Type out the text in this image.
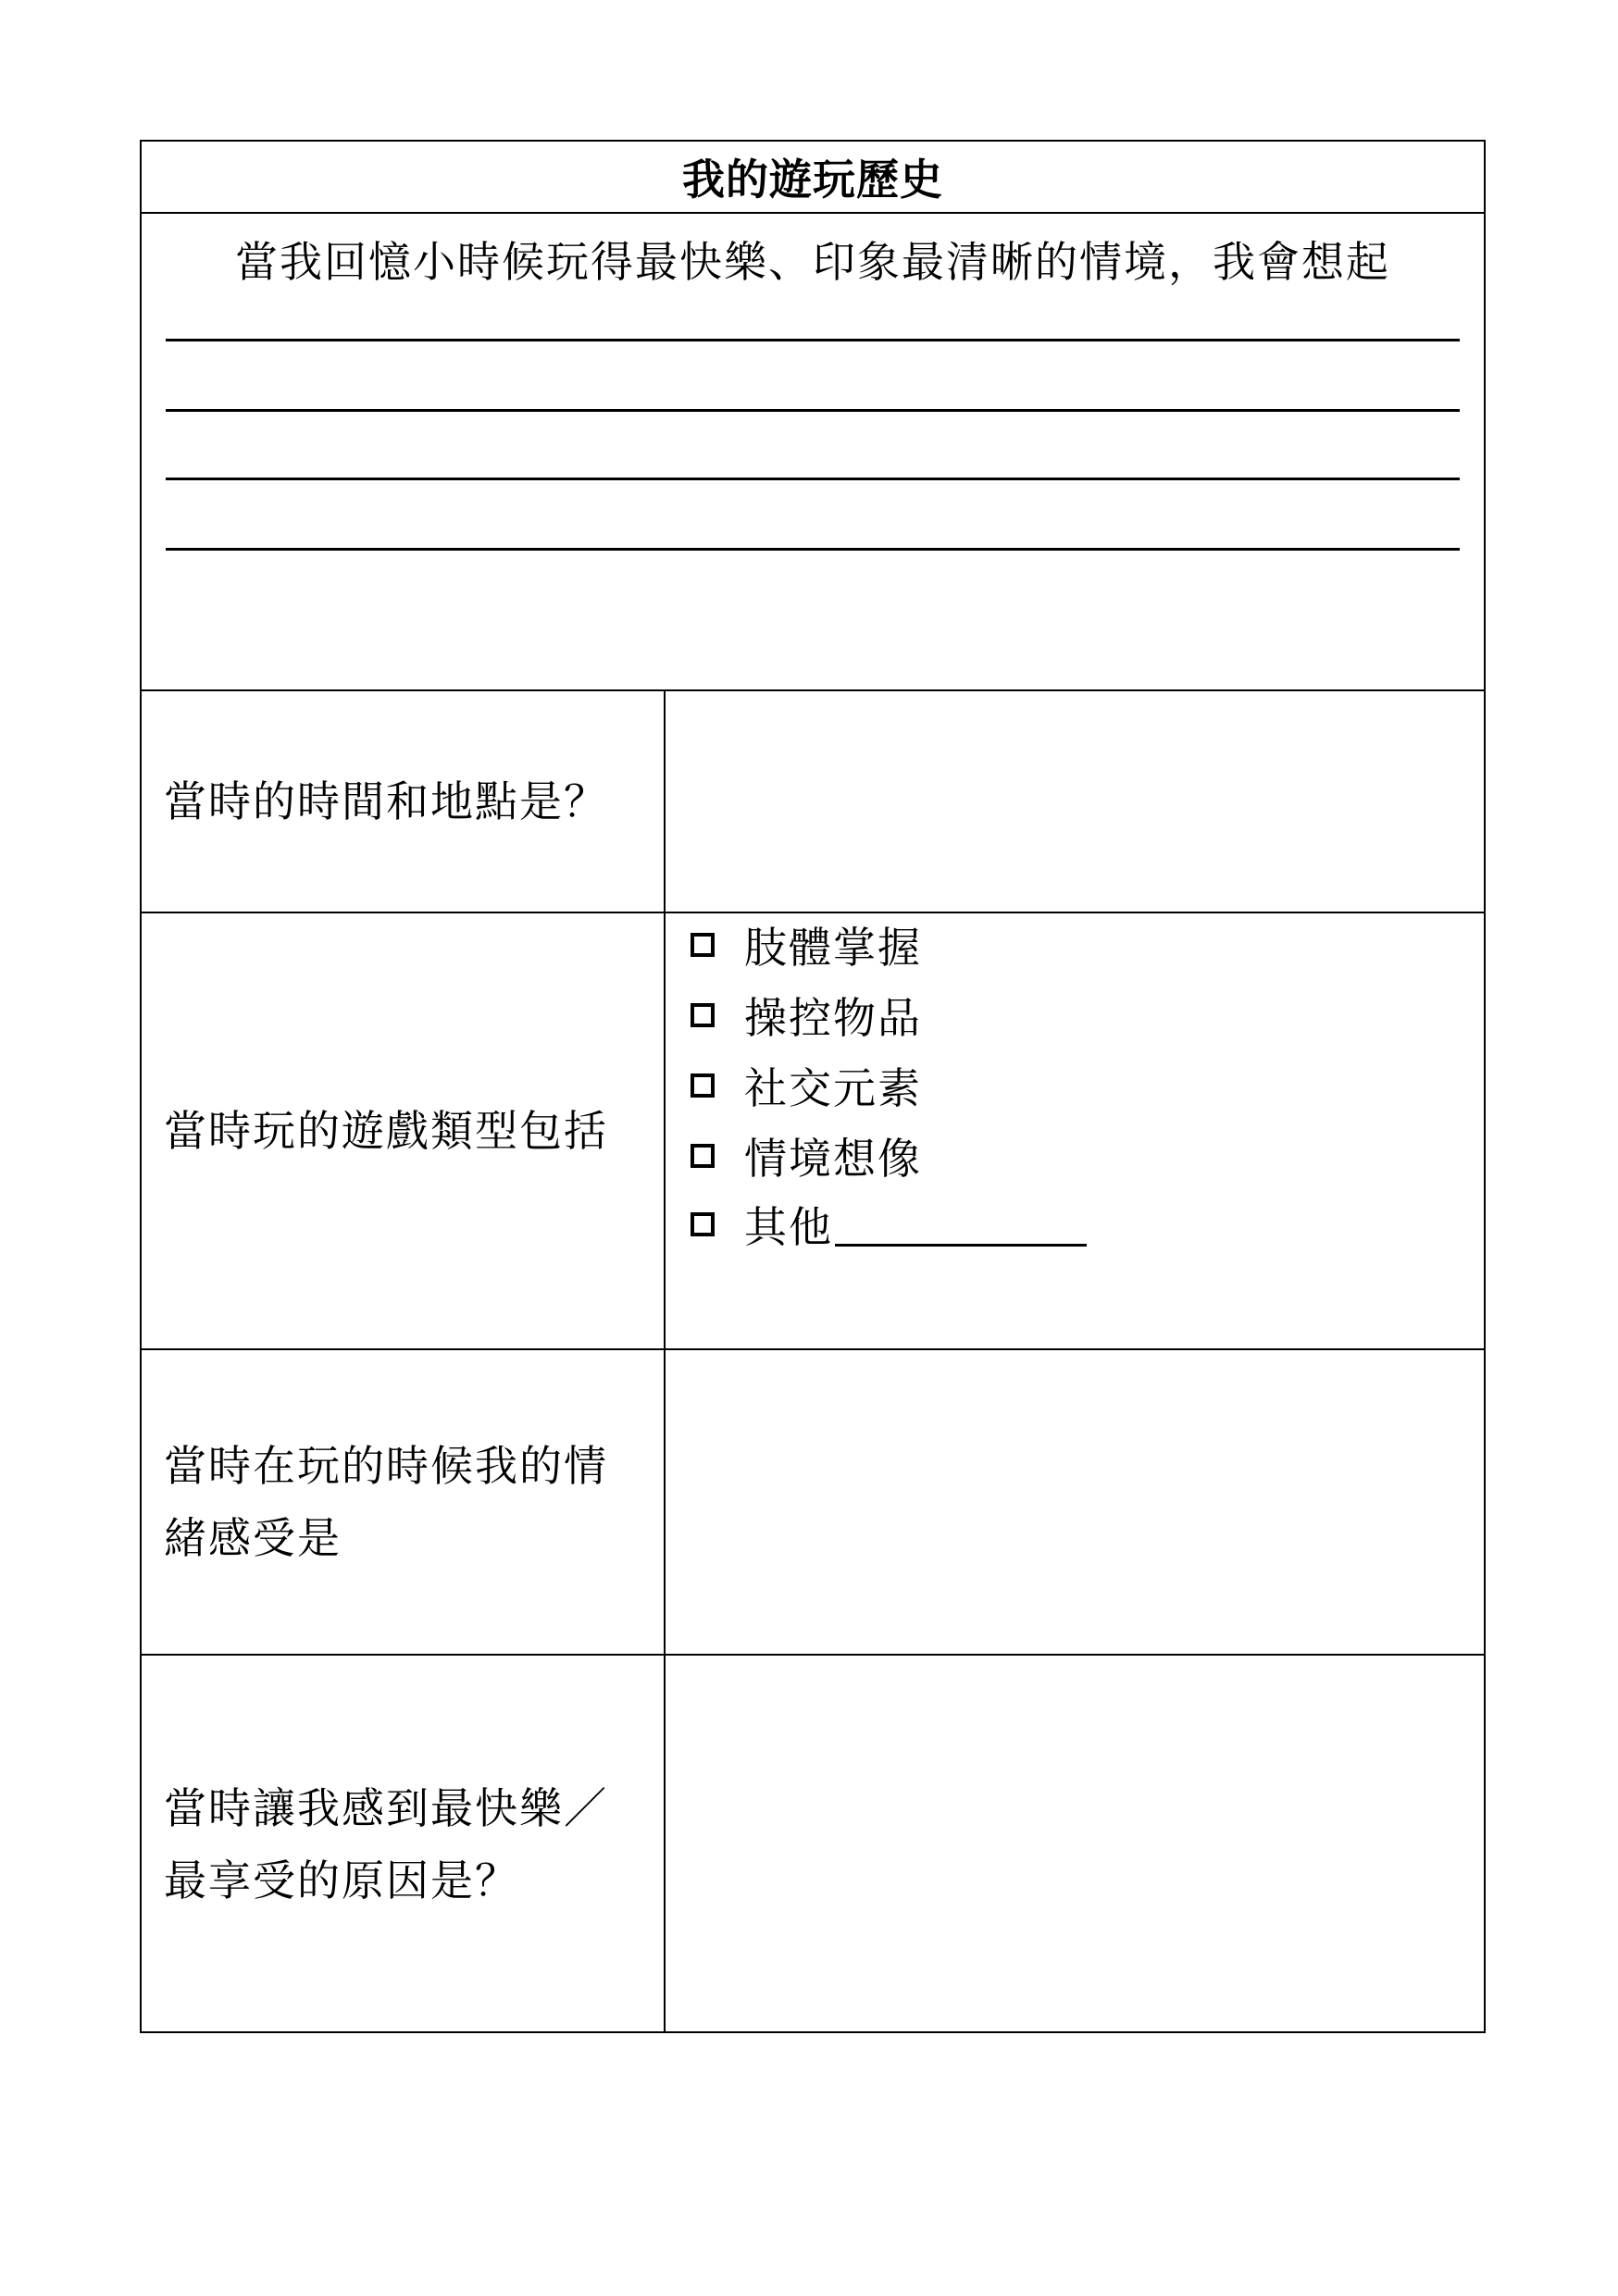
我的遊玩歷史
當我回憶小時候玩得最快樂、印象最清晰的情境，我會想起
當時的時間和地點是？
當時玩的遊戲類型包括
肢體掌握
操控物品
社交元素
情境想像
其他
當時在玩的時候我的情
緒感受是
當時讓我感到最快樂／
最享受的原因是？
